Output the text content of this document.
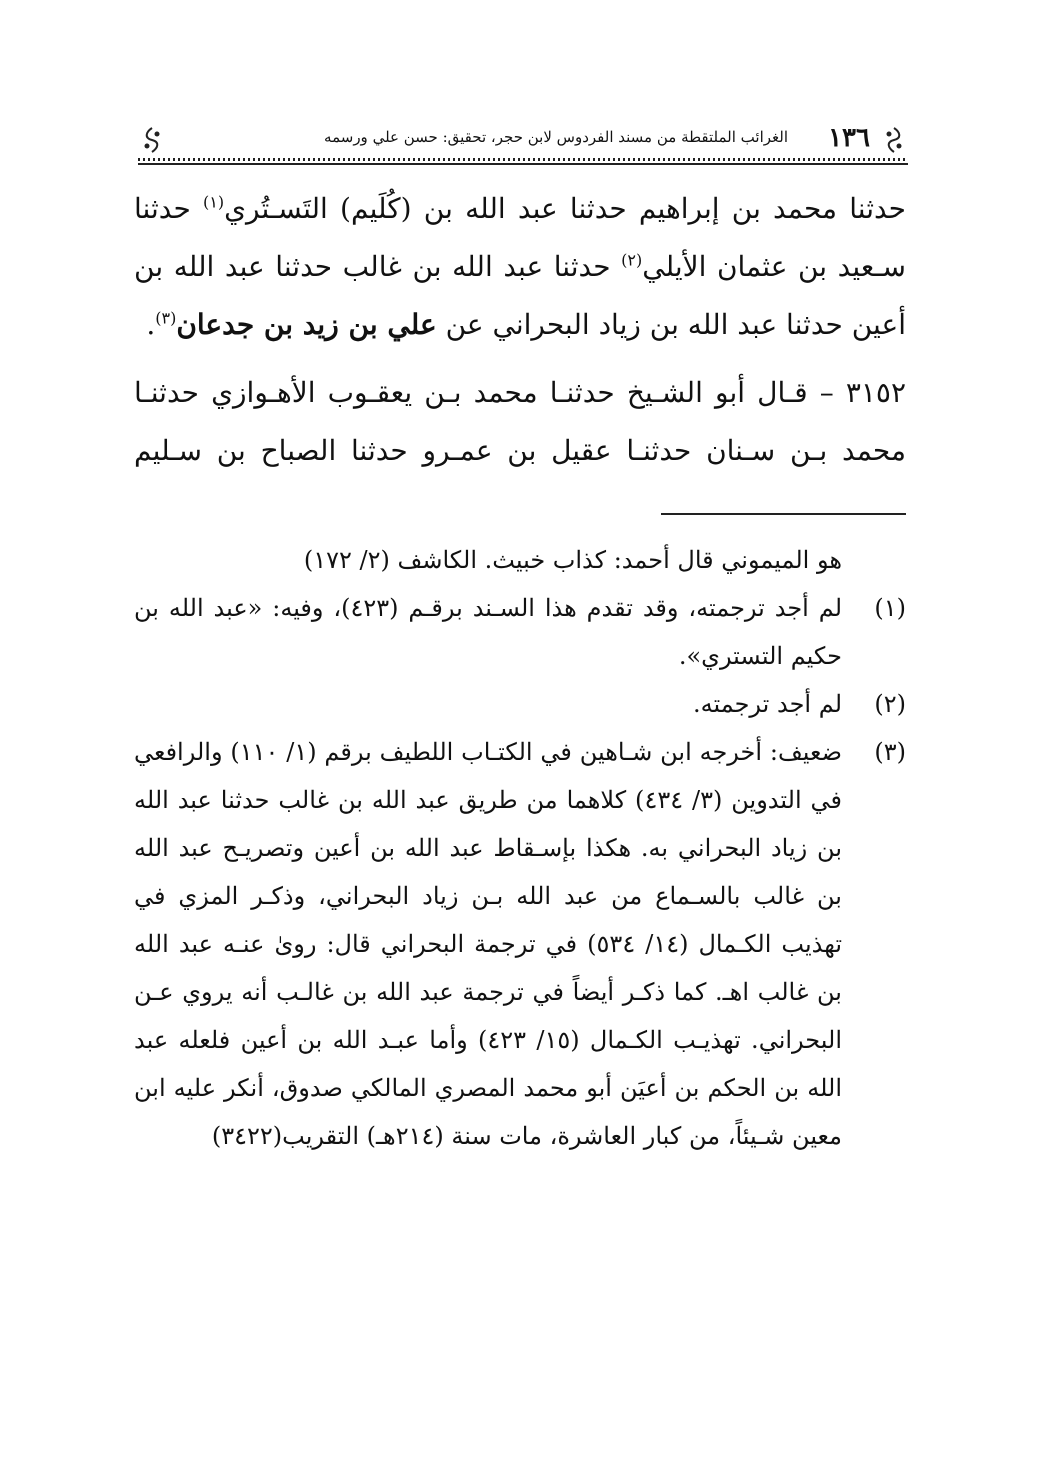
١٣٦
الغرائب الملتقطة من مسند الفردوس لابن حجر، تحقيق: حسن علي ورسمه

حدثنا محمد بن إبراهيم حدثنا عبد الله بن (كُلَيم) التَسـتُري$^{(١)}$ حدثنا سـعيد بن عثمان الأيلي$^{(٢)}$ حدثنا عبد الله بن غالب حدثنا عبد الله بن أعين حدثنا عبد الله بن زياد البحراني عن علي بن زيد بن جدعان$^{(٣)}$.

٣١٥٢ – قـال أبو الشـيخ حدثنـا محمد بـن يعقـوب الأهـوازي حدثنـا محمد بـن سـنان حدثنـا عقيل بن عمـرو حدثنا الصباح بن سـليم

هو الميموني قال أحمد: كذاب خبيث. الكاشف (٢/ ١٧٢)

(١)
لم أجد ترجمته، وقد تقدم هذا السـند برقـم (٤٢٣)، وفيه: «عبد الله بن حكيم التستري».
(٢)
لم أجد ترجمته.
(٣)
ضعيف: أخرجه ابن شـاهين في الكتـاب اللطيف برقم (١/ ١١٠) والرافعي في التدوين (٣/ ٤٣٤) كلاهما من طريق عبد الله بن غالب حدثنا عبد الله بن زياد البحراني به. هكذا بإسـقاط عبد الله بن أعين وتصريـح عبد الله بن غالب بالسـماع من عبد الله بـن زياد البحراني، وذكـر المزي في تهذيب الكـمال (١٤/ ٥٣٤) في ترجمة البحراني قال: روىٰ عنـه عبد الله بن غالب اهـ. كما ذكـر أيضاً في ترجمة عبد الله بن غالـب أنه يروي عـن البحراني. تهذيـب الكـمال (١٥/ ٤٢٣) وأما عبـد الله بن أعين فلعله عبد الله بن الحكم بن أعيَن أبو محمد المصري المالكي صدوق، أنكر عليه ابن معين شـيئاً، من كبار العاشرة، مات سنة (٢١٤هـ) التقريب(٣٤٢٢)
